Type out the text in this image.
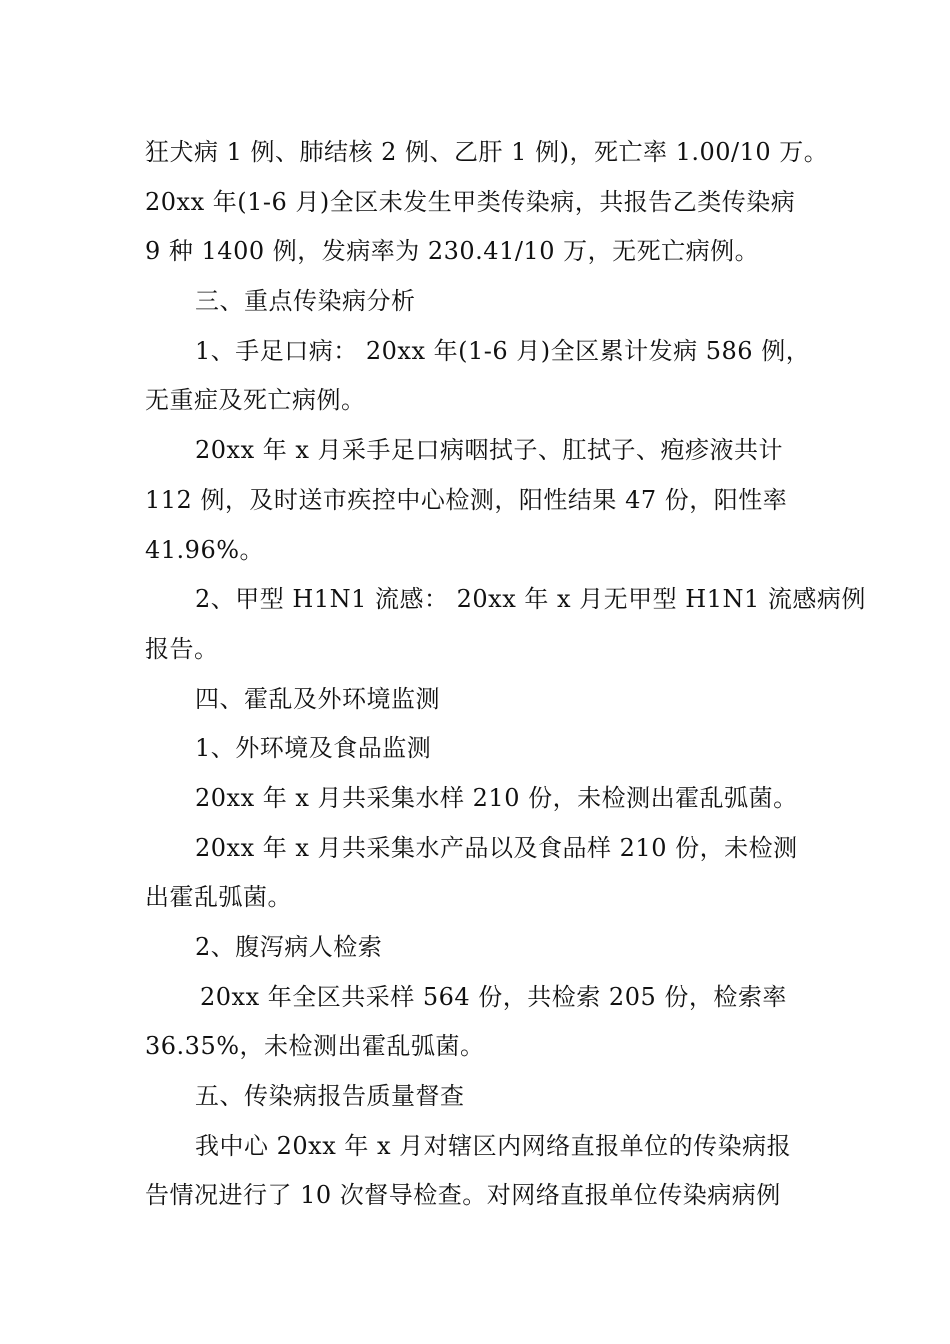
狂犬病 1 例、肺结核 2 例、乙肝 1 例)，死亡率 1.00/10 万。
20xx 年(1-6 月)全区未发生甲类传染病，共报告乙类传染病
9 种 1400 例，发病率为 230.41/10 万，无死亡病例。
三、重点传染病分析
1、手足口病： 20xx 年(1-6 月)全区累计发病 586 例，
无重症及死亡病例。
20xx 年 x 月采手足口病咽拭子、肛拭子、疱疹液共计
112 例，及时送市疾控中心检测，阳性结果 47 份，阳性率
41.96%。
2、甲型 H1N1 流感： 20xx 年 x 月无甲型 H1N1 流感病例
报告。
四、霍乱及外环境监测
1、外环境及食品监测
20xx 年 x 月共采集水样 210 份，未检测出霍乱弧菌。
20xx 年 x 月共采集水产品以及食品样 210 份，未检测
出霍乱弧菌。
2、腹泻病人检索
20xx 年全区共采样 564 份，共检索 205 份，检索率
36.35%，未检测出霍乱弧菌。
五、传染病报告质量督查
我中心 20xx 年 x 月对辖区内网络直报单位的传染病报
告情况进行了 10 次督导检查。对网络直报单位传染病病例
